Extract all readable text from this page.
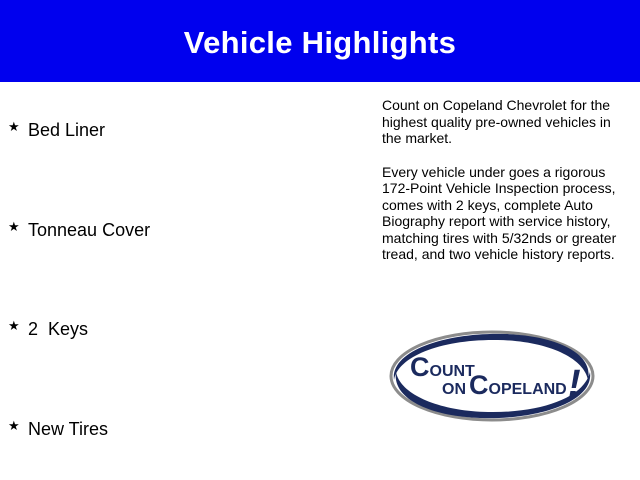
Vehicle Highlights
★ Bed Liner
★ Tonneau Cover
★ 2  Keys
★ New Tires

Count on Copeland Chevrolet for the highest quality pre-owned vehicles in the market.

Every vehicle under goes a rigorous 172-Point Vehicle Inspection process, comes with 2 keys, complete Auto Biography report with service history, matching tires with 5/32nds or greater tread, and two vehicle history reports.

COUNT
ON COPELAND !
